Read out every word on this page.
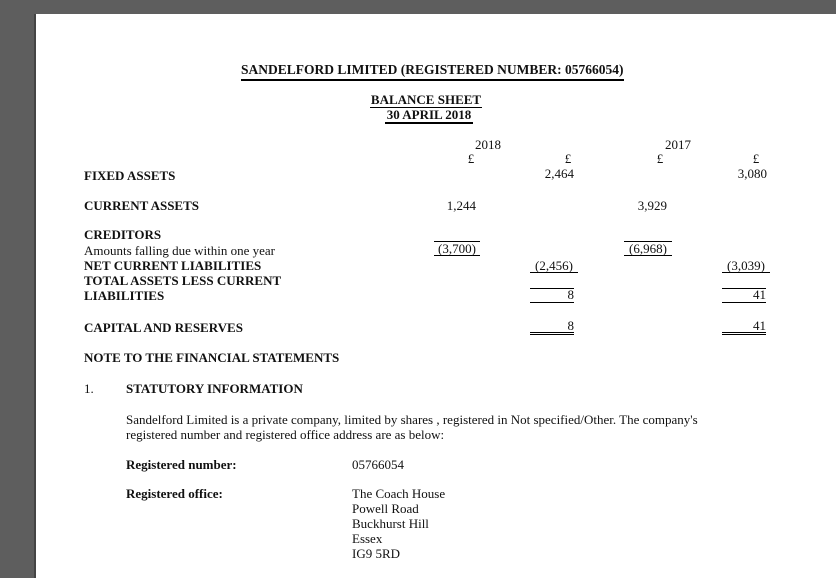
SANDELFORD LIMITED (REGISTERED NUMBER: 05766054)
BALANCE SHEET
30 APRIL 2018
2018	2017
£	£	£	£
FIXED ASSETS	2,464	3,080
CURRENT ASSETS	1,244	3,929
CREDITORS
Amounts falling due within one year	(3,700)	(6,968)
NET CURRENT LIABILITIES	(2,456)	(3,039)
TOTAL ASSETS LESS CURRENT
LIABILITIES	8	41
CAPITAL AND RESERVES	8	41
NOTE TO THE FINANCIAL STATEMENTS
1. STATUTORY INFORMATION
Sandelford Limited is a private company, limited by shares , registered in Not specified/Other. The company's
registered number and registered office address are as below:
Registered number:	05766054
Registered office:	The Coach House
Powell Road
Buckhurst Hill
Essex
IG9 5RD
